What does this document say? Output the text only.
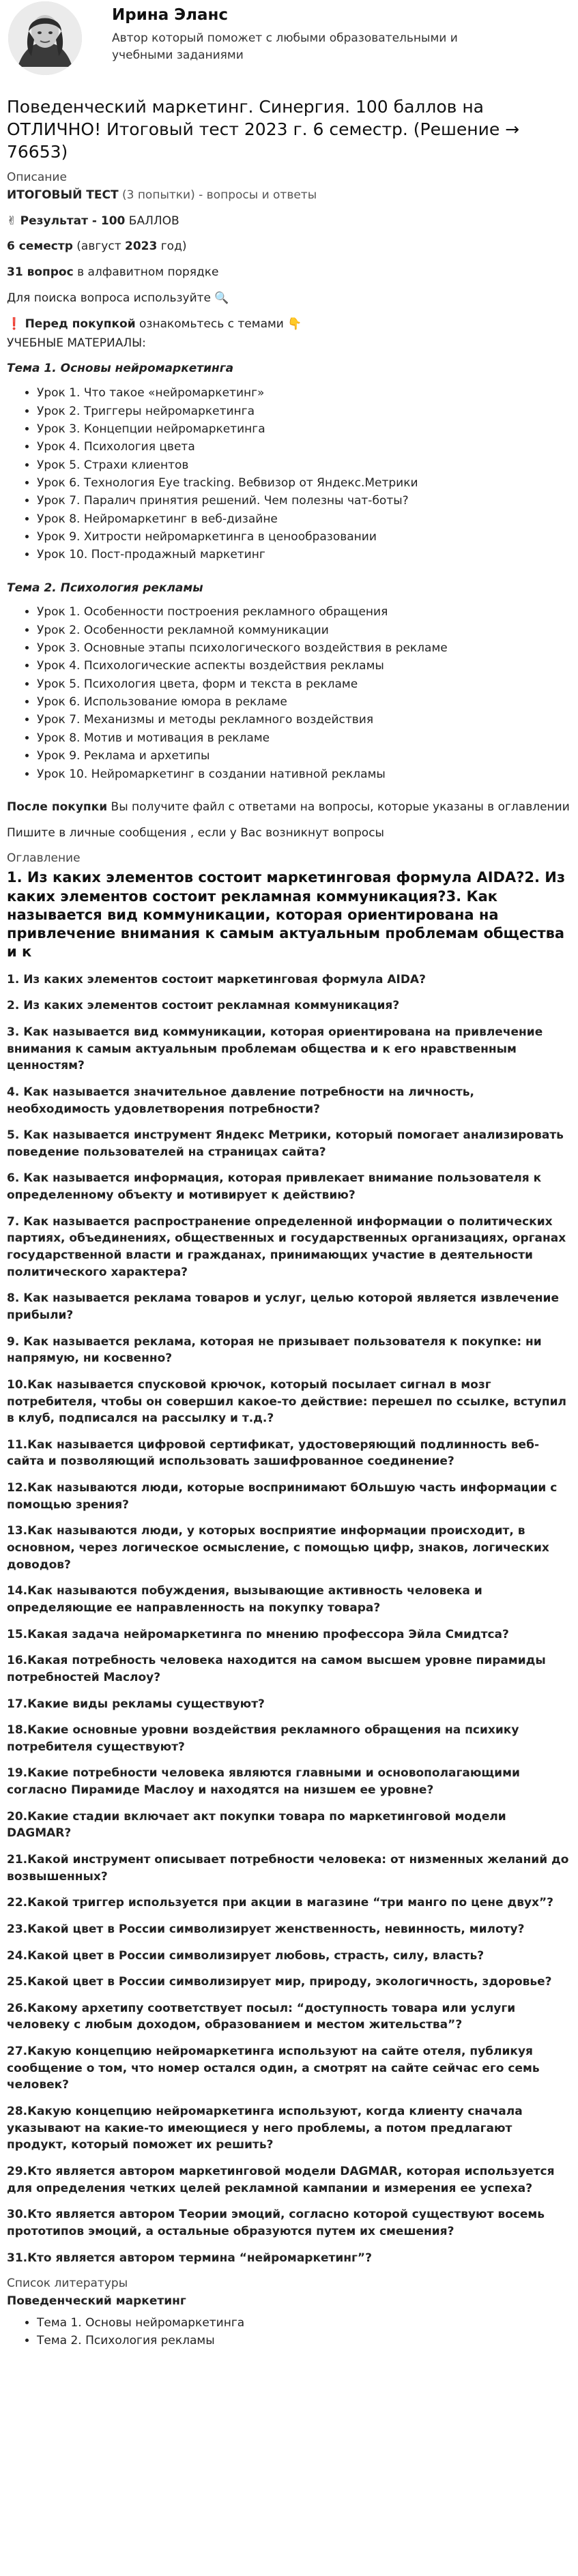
Ирина Эланс
Автор который поможет с любыми образовательными и учебными заданиями
Поведенческий маркетинг. Синергия. 100 баллов на ОТЛИЧНО! Итоговый тест 2023 г. 6 семестр. (Решение → 76653)

Описание

ИТОГОВЫЙ ТЕСТ (3 попытки) - вопросы и ответы

✌ Результат - 100 БАЛЛОВ

6 семестр (август 2023 год)

31 вопрос в алфавитном порядке

Для поиска вопроса используйте 🔍

❗ Перед покупкой ознакомьтесь с темами 👇

УЧЕБНЫЕ МАТЕРИАЛЫ:

Тема 1. Основы нейромаркетинга

• Урок 1. Что такое «нейромаркетинг»
• Урок 2. Триггеры нейромаркетинга
• Урок 3. Концепции нейромаркетинга
• Урок 4. Психология цвета
• Урок 5. Страхи клиентов
• Урок 6. Технология Eye tracking. Вебвизор от Яндекс.Метрики
• Урок 7. Паралич принятия решений. Чем полезны чат-боты?
• Урок 8. Нейромаркетинг в веб-дизайне
• Урок 9. Хитрости нейромаркетинга в ценообразовании
• Урок 10. Пост-продажный маркетинг

Тема 2. Психология рекламы

• Урок 1. Особенности построения рекламного обращения
• Урок 2. Особенности рекламной коммуникации
• Урок 3. Основные этапы психологического воздействия в рекламе
• Урок 4. Психологические аспекты воздействия рекламы
• Урок 5. Психология цвета, форм и текста в рекламе
• Урок 6. Использование юмора в рекламе
• Урок 7. Механизмы и методы рекламного воздействия
• Урок 8. Мотив и мотивация в рекламе
• Урок 9. Реклама и архетипы
• Урок 10. Нейромаркетинг в создании нативной рекламы

После покупки Вы получите файл с ответами на вопросы, которые указаны в оглавлении

Пишите в личные сообщения , если у Вас возникнут вопросы

Оглавление

1. Из каких элементов состоит маркетинговая формула AIDA?2. Из каких элементов состоит рекламная коммуникация?3. Как называется вид коммуникации, которая ориентирована на привлечение внимания к самым актуальным проблемам общества и к

1. Из каких элементов состоит маркетинговая формула AIDA?

2. Из каких элементов состоит рекламная коммуникация?

3. Как называется вид коммуникации, которая ориентирована на привлечение внимания к самым актуальным проблемам общества и к его нравственным ценностям?

4. Как называется значительное давление потребности на личность, необходимость удовлетворения потребности?

5. Как называется инструмент Яндекс Метрики, который помогает анализировать поведение пользователей на страницах сайта?

6. Как называется информация, которая привлекает внимание пользователя к определенному объекту и мотивирует к действию?

7. Как называется распространение определенной информации о политических партиях, объединениях, общественных и государственных организациях, органах государственной власти и гражданах, принимающих участие в деятельности политического характера?

8. Как называется реклама товаров и услуг, целью которой является извлечение прибыли?

9. Как называется реклама, которая не призывает пользователя к покупке: ни напрямую, ни косвенно?

10.Как называется спусковой крючок, который посылает сигнал в мозг потребителя, чтобы он совершил какое-то действие: перешел по ссылке, вступил в клуб, подписался на рассылку и т.д.?

11.Как называется цифровой сертификат, удостоверяющий подлинность веб-сайта и позволяющий использовать зашифрованное соединение?

12.Как называются люди, которые воспринимают бОльшую часть информации с помощью зрения?

13.Как называются люди, у которых восприятие информации происходит, в основном, через логическое осмысление, с помощью цифр, знаков, логических доводов?

14.Как называются побуждения, вызывающие активность человека и определяющие ее направленность на покупку товара?

15.Какая задача нейромаркетинга по мнению профессора Эйла Смидтса?

16.Какая потребность человека находится на самом высшем уровне пирамиды потребностей Маслоу?

17.Какие виды рекламы существуют?

18.Какие основные уровни воздействия рекламного обращения на психику потребителя существуют?

19.Какие потребности человека являются главными и основополагающими согласно Пирамиде Маслоу и находятся на низшем ее уровне?

20.Какие стадии включает акт покупки товара по маркетинговой модели DAGMAR?

21.Какой инструмент описывает потребности человека: от низменных желаний до возвышенных?

22.Какой триггер используется при акции в магазине “три манго по цене двух”?

23.Какой цвет в России символизирует женственность, невинность, милоту?

24.Какой цвет в России символизирует любовь, страсть, силу, власть?

25.Какой цвет в России символизирует мир, природу, экологичность, здоровье?

26.Какому архетипу соответствует посыл: “доступность товара или услуги человеку с любым доходом, образованием и местом жительства”?

27.Какую концепцию нейромаркетинга используют на сайте отеля, публикуя сообщение о том, что номер остался один, а смотрят на сайте сейчас его семь человек?

28.Какую концепцию нейромаркетинга используют, когда клиенту сначала указывают на какие-то имеющиеся у него проблемы, а потом предлагают продукт, который поможет их решить?

29.Кто является автором маркетинговой модели DAGMAR, которая используется для определения четких целей рекламной кампании и измерения ее успеха?

30.Кто является автором Теории эмоций, согласно которой существуют восемь прототипов эмоций, а остальные образуются путем их смешения?

31.Кто является автором термина “нейромаркетинг”?

Список литературы

Поведенческий маркетинг

• Тема 1. Основы нейромаркетинга
• Тема 2. Психология рекламы
